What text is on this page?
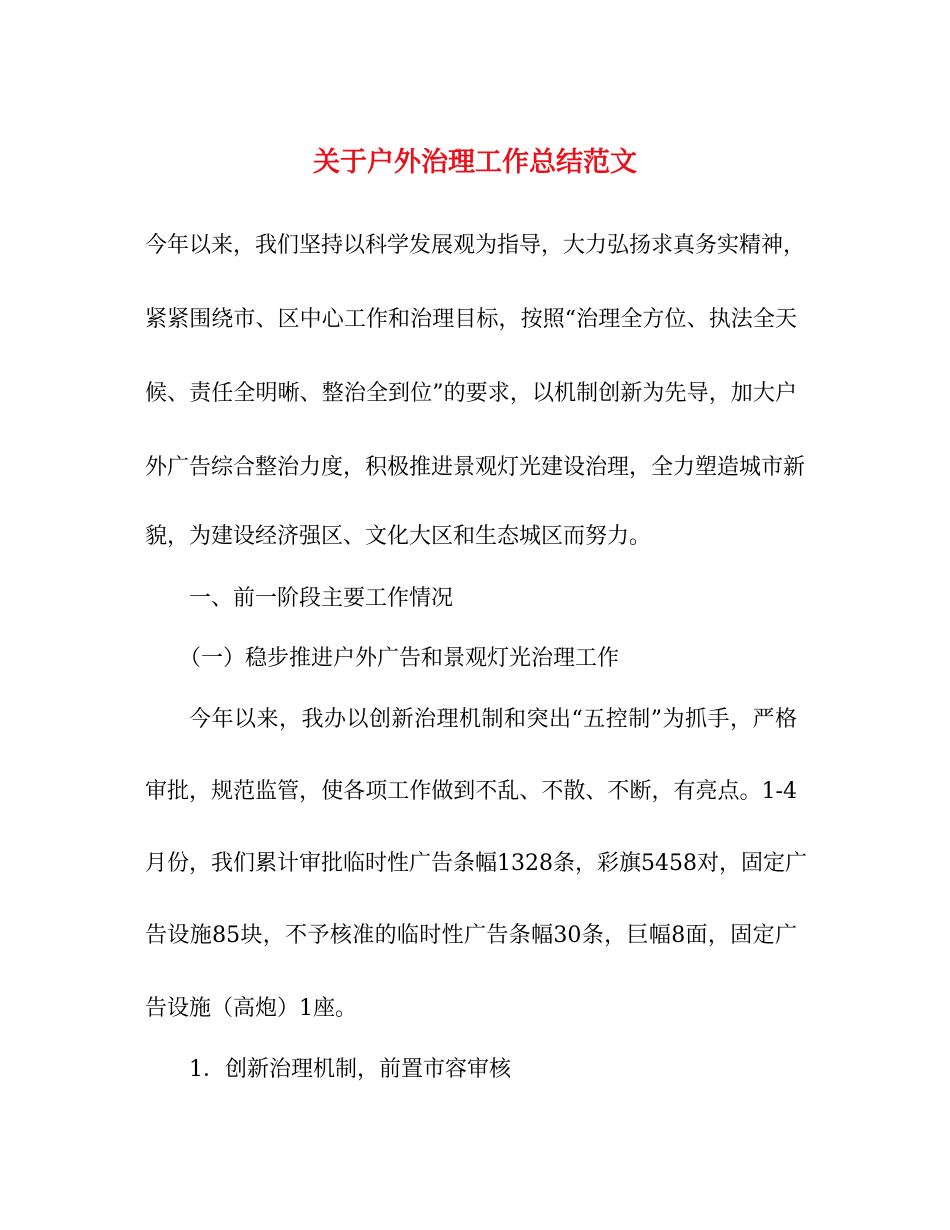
关于户外治理工作总结范文
今年以来，我们坚持以科学发展观为指导，大力弘扬求真务实精神，
紧紧围绕市、区中心工作和治理目标，按照“治理全方位、执法全天
候、责任全明晰、整治全到位”的要求，以机制创新为先导，加大户
外广告综合整治力度，积极推进景观灯光建设治理，全力塑造城市新
貌，为建设经济强区、文化大区和生态城区而努力。
一、前一阶段主要工作情况
（一）稳步推进户外广告和景观灯光治理工作
今年以来，我办以创新治理机制和突出“五控制”为抓手，严格
审批，规范监管，使各项工作做到不乱、不散、不断，有亮点。1-4
月份，我们累计审批临时性广告条幅1328条，彩旗5458对，固定广
告设施85块，不予核准的临时性广告条幅30条，巨幅8面，固定广
告设施（高炮）1座。
1．创新治理机制，前置市容审核
